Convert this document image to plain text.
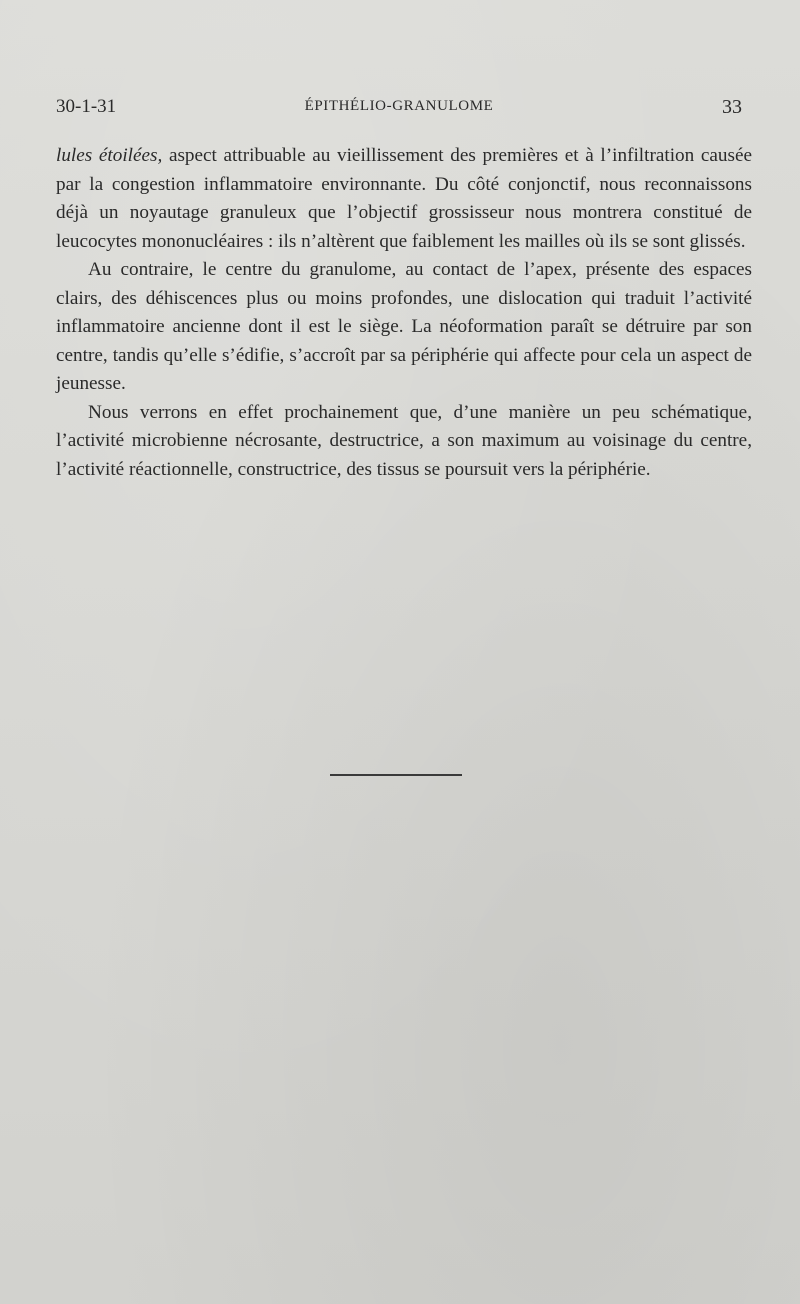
30-1-31	ÉPITHÉLIO-GRANULOME	33

lules étoilées, aspect attribuable au vieillissement des premières et à l’infiltration causée par la congestion inflammatoire environnante. Du côté conjonctif, nous reconnaissons déjà un noyautage granuleux que l’objectif grossisseur nous montrera constitué de leucocytes mononucléaires : ils n’altèrent que faiblement les mailles où ils se sont glissés.

Au contraire, le centre du granulome, au contact de l’apex, présente des espaces clairs, des déhiscences plus ou moins profondes, une dislocation qui traduit l’activité inflammatoire ancienne dont il est le siège. La néoformation paraît se détruire par son centre, tandis qu’elle s’édifie, s’accroît par sa périphérie qui affecte pour cela un aspect de jeunesse.

Nous verrons en effet prochainement que, d’une manière un peu schématique, l’activité microbienne nécrosante, destructrice, a son maximum au voisinage du centre, l’activité réactionnelle, constructrice, des tissus se poursuit vers la périphérie.
